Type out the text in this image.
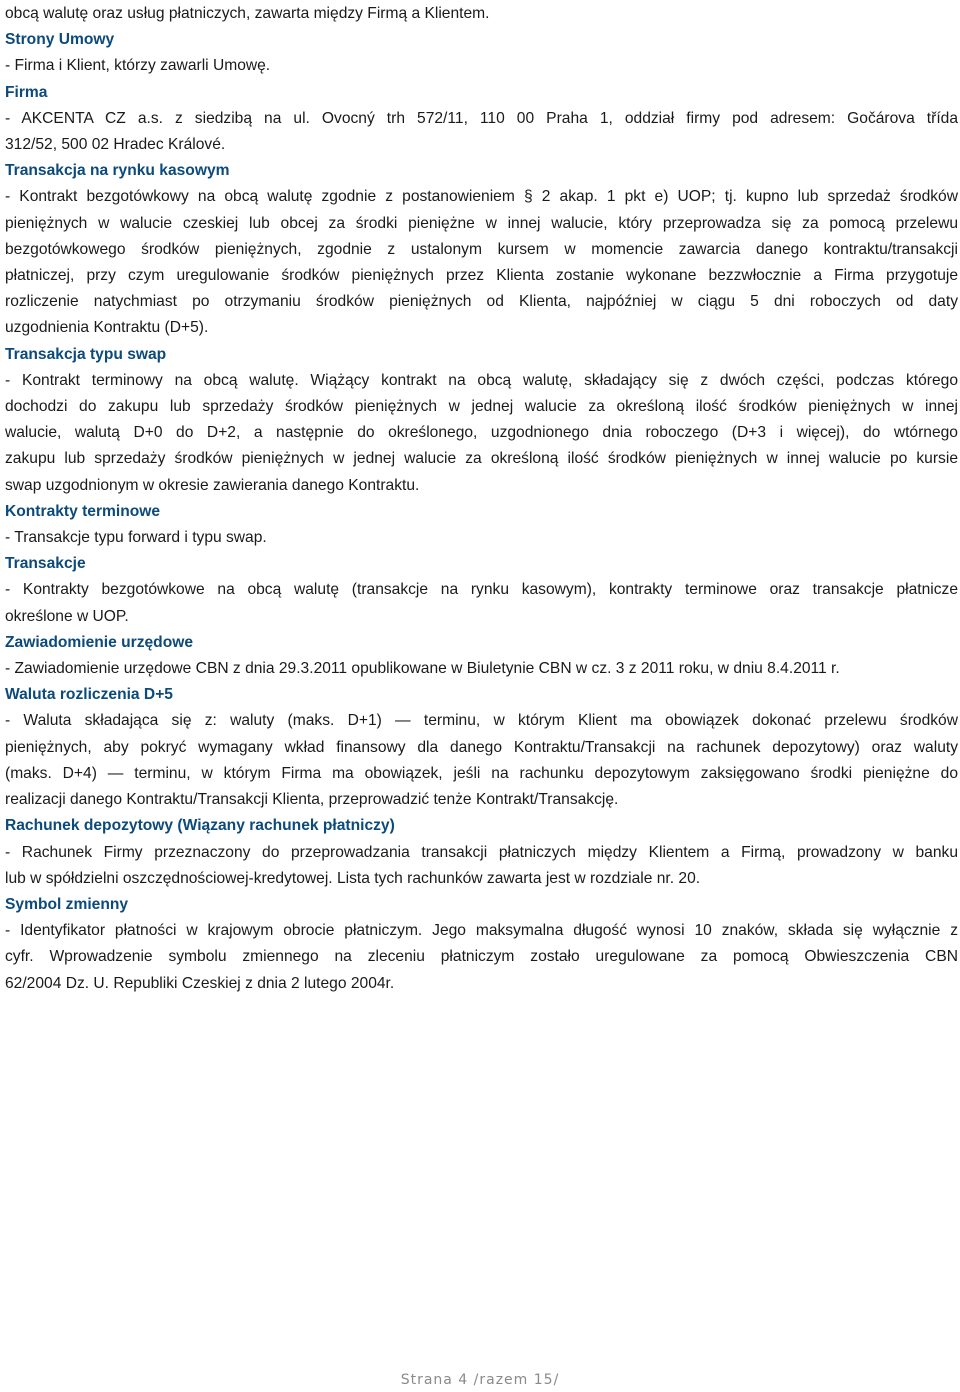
obcą walutę oraz usług płatniczych, zawarta między Firmą a Klientem.
Strony Umowy
- Firma i Klient, którzy zawarli Umowę.
Firma
- AKCENTA CZ a.s. z siedzibą na ul. Ovocný trh 572/11, 110 00 Praha 1, oddział firmy pod adresem: Gočárova třída
312/52, 500 02 Hradec Králové.
Transakcja na rynku kasowym
- Kontrakt bezgotówkowy na obcą walutę zgodnie z postanowieniem § 2 akap. 1 pkt e) UOP; tj. kupno lub sprzedaż środków
pieniężnych w walucie czeskiej lub obcej za środki pieniężne w innej walucie, który przeprowadza się za pomocą przelewu
bezgotówkowego środków pieniężnych, zgodnie z ustalonym kursem w momencie zawarcia danego kontraktu/transakcji
płatniczej, przy czym uregulowanie środków pieniężnych przez Klienta zostanie wykonane bezzwłocznie a Firma przygotuje
rozliczenie natychmiast po otrzymaniu środków pieniężnych od Klienta, najpóźniej w ciągu 5 dni roboczych od daty
uzgodnienia Kontraktu (D+5).
Transakcja typu swap
- Kontrakt terminowy na obcą walutę. Wiążący kontrakt na obcą walutę, składający się z dwóch części, podczas którego
dochodzi do zakupu lub sprzedaży środków pieniężnych w jednej walucie za określoną ilość środków pieniężnych w innej
walucie, walutą D+0 do D+2, a następnie do określonego, uzgodnionego dnia roboczego (D+3 i więcej), do wtórnego
zakupu lub sprzedaży środków pieniężnych w jednej walucie za określoną ilość środków pieniężnych w innej walucie po kursie
swap uzgodnionym w okresie zawierania danego Kontraktu.
Kontrakty terminowe
- Transakcje typu forward i typu swap.
Transakcje
- Kontrakty bezgotówkowe na obcą walutę (transakcje na rynku kasowym), kontrakty terminowe oraz transakcje płatnicze
określone w UOP.
Zawiadomienie urzędowe
- Zawiadomienie urzędowe CBN z dnia 29.3.2011 opublikowane w Biuletynie CBN w cz. 3 z 2011 roku, w dniu 8.4.2011 r.
Waluta rozliczenia D+5
- Waluta składająca się z: waluty (maks. D+1) — terminu, w którym Klient ma obowiązek dokonać przelewu środków
pieniężnych, aby pokryć wymagany wkład finansowy dla danego Kontraktu/Transakcji na rachunek depozytowy) oraz waluty
(maks. D+4) — terminu, w którym Firma ma obowiązek, jeśli na rachunku depozytowym zaksięgowano środki pieniężne do
realizacji danego Kontraktu/Transakcji Klienta, przeprowadzić tenże Kontrakt/Transakcję.
Rachunek depozytowy (Wiązany rachunek płatniczy)
- Rachunek Firmy przeznaczony do przeprowadzania transakcji płatniczych między Klientem a Firmą, prowadzony w banku
lub w spółdzielni oszczędnościowej-kredytowej. Lista tych rachunków zawarta jest w rozdziale nr. 20.
Symbol zmienny
- Identyfikator płatności w krajowym obrocie płatniczym. Jego maksymalna długość wynosi 10 znaków, składa się wyłącznie z
cyfr. Wprowadzenie symbolu zmiennego na zleceniu płatniczym zostało uregulowane za pomocą Obwieszczenia CBN
62/2004 Dz. U. Republiki Czeskiej z dnia 2 lutego 2004r.
Strana 4 /razem 15/
